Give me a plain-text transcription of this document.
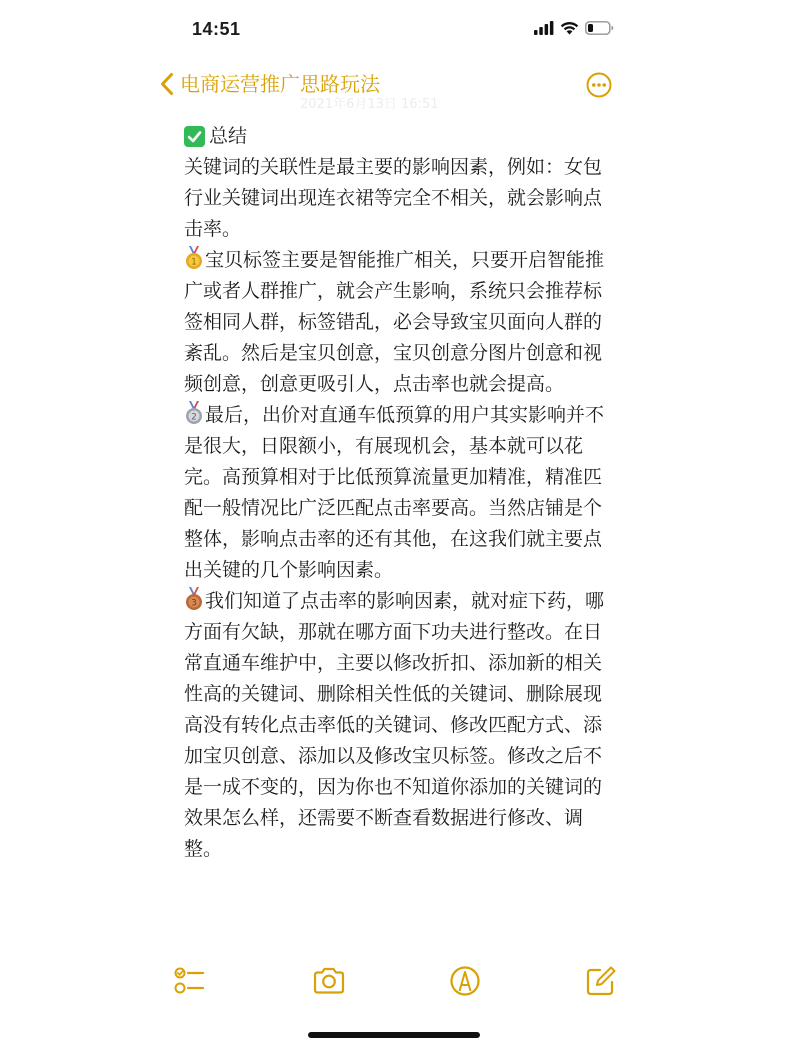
14:51
电商运营推广思路玩法
2021年6月13日 16:51

总结

关键词的关联性是最主要的影响因素，例如：女包行业关键词出现连衣裙等完全不相关，就会影响点击率。

1 宝贝标签主要是智能推广相关，只要开启智能推广或者人群推广，就会产生影响，系统只会推荐标签相同人群，标签错乱，必会导致宝贝面向人群的紊乱。然后是宝贝创意，宝贝创意分图片创意和视频创意，创意更吸引人，点击率也就会提高。

2 最后，出价对直通车低预算的用户其实影响并不是很大，日限额小，有展现机会，基本就可以花完。高预算相对于比低预算流量更加精准，精准匹配一般情况比广泛匹配点击率要高。当然店铺是个整体，影响点击率的还有其他，在这我们就主要点出关键的几个影响因素。

3 我们知道了点击率的影响因素，就对症下药，哪方面有欠缺，那就在哪方面下功夫进行整改。在日常直通车维护中，主要以修改折扣、添加新的相关性高的关键词、删除相关性低的关键词、删除展现高没有转化点击率低的关键词、修改匹配方式、添加宝贝创意、添加以及修改宝贝标签。修改之后不是一成不变的，因为你也不知道你添加的关键词的效果怎么样，还需要不断查看数据进行修改、调整。
